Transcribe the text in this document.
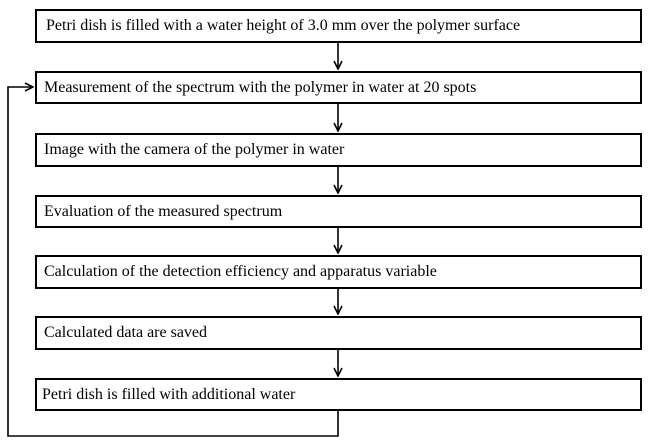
Petri dish is filled with a water height of 3.0 mm over the polymer surface
Measurement of the spectrum with the polymer in water at 20 spots
Image with the camera of the polymer in water
Evaluation of the measured spectrum
Calculation of the detection efficiency and apparatus variable
Calculated data are saved
Petri dish is filled with additional water
